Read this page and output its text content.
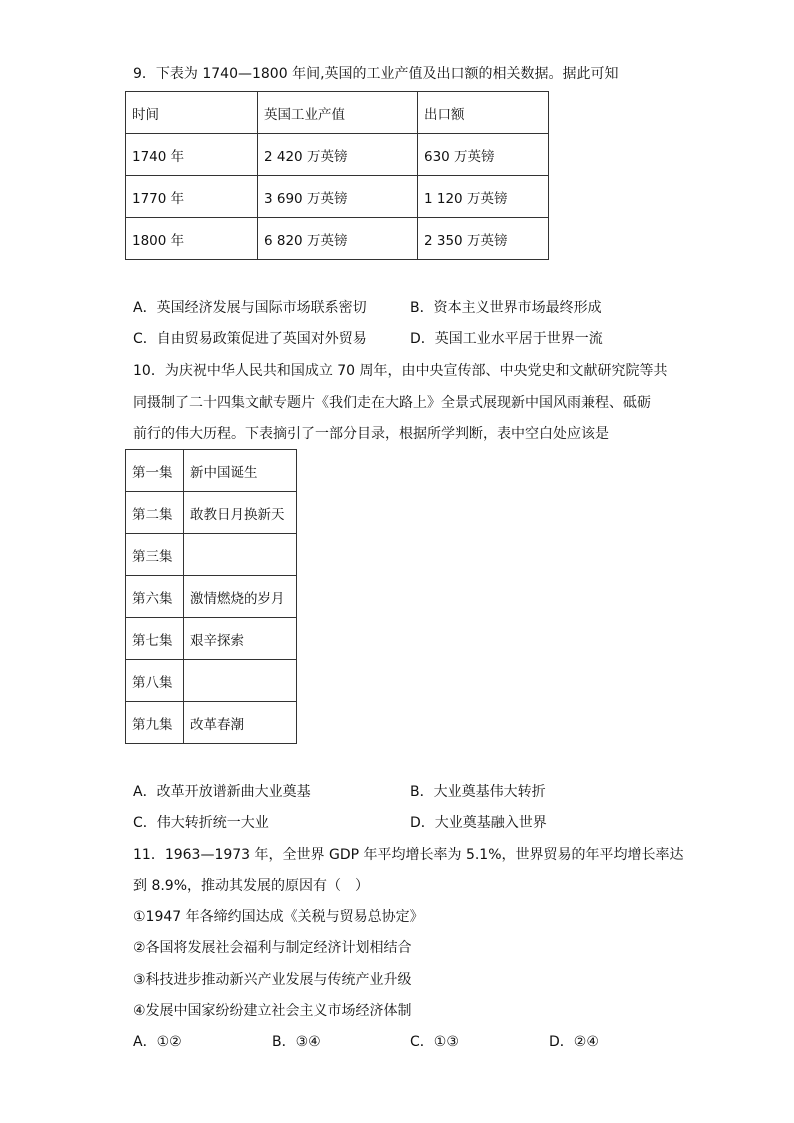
9．下表为 1740—1800 年间,英国的工业产值及出口额的相关数据。据此可知
时间	英国工业产值	出口额
1740 年	2 420 万英镑	630 万英镑
1770 年	3 690 万英镑	1 120 万英镑
1800 年	6 820 万英镑	2 350 万英镑
A．英国经济发展与国际市场联系密切	B．资本主义世界市场最终形成
C．自由贸易政策促进了英国对外贸易	D．英国工业水平居于世界一流
10．为庆祝中华人民共和国成立 70 周年，由中央宣传部、中央党史和文献研究院等共
同摄制了二十四集文献专题片《我们走在大路上》全景式展现新中国风雨兼程、砥砺
前行的伟大历程。下表摘引了一部分目录，根据所学判断，表中空白处应该是
第一集	新中国诞生
第二集	敢教日月换新天
第三集	
第六集	激情燃烧的岁月
第七集	艰辛探索
第八集	
第九集	改革春潮
A．改革开放谱新曲大业奠基	B．大业奠基伟大转折
C．伟大转折统一大业	D．大业奠基融入世界
11．1963—1973 年，全世界 GDP 年平均增长率为 5.1%，世界贸易的年平均增长率达
到 8.9%，推动其发展的原因有（　）
①1947 年各缔约国达成《关税与贸易总协定》
②各国将发展社会福利与制定经济计划相结合
③科技进步推动新兴产业发展与传统产业升级
④发展中国家纷纷建立社会主义市场经济体制
A．①②	B．③④	C．①③	D．②④
